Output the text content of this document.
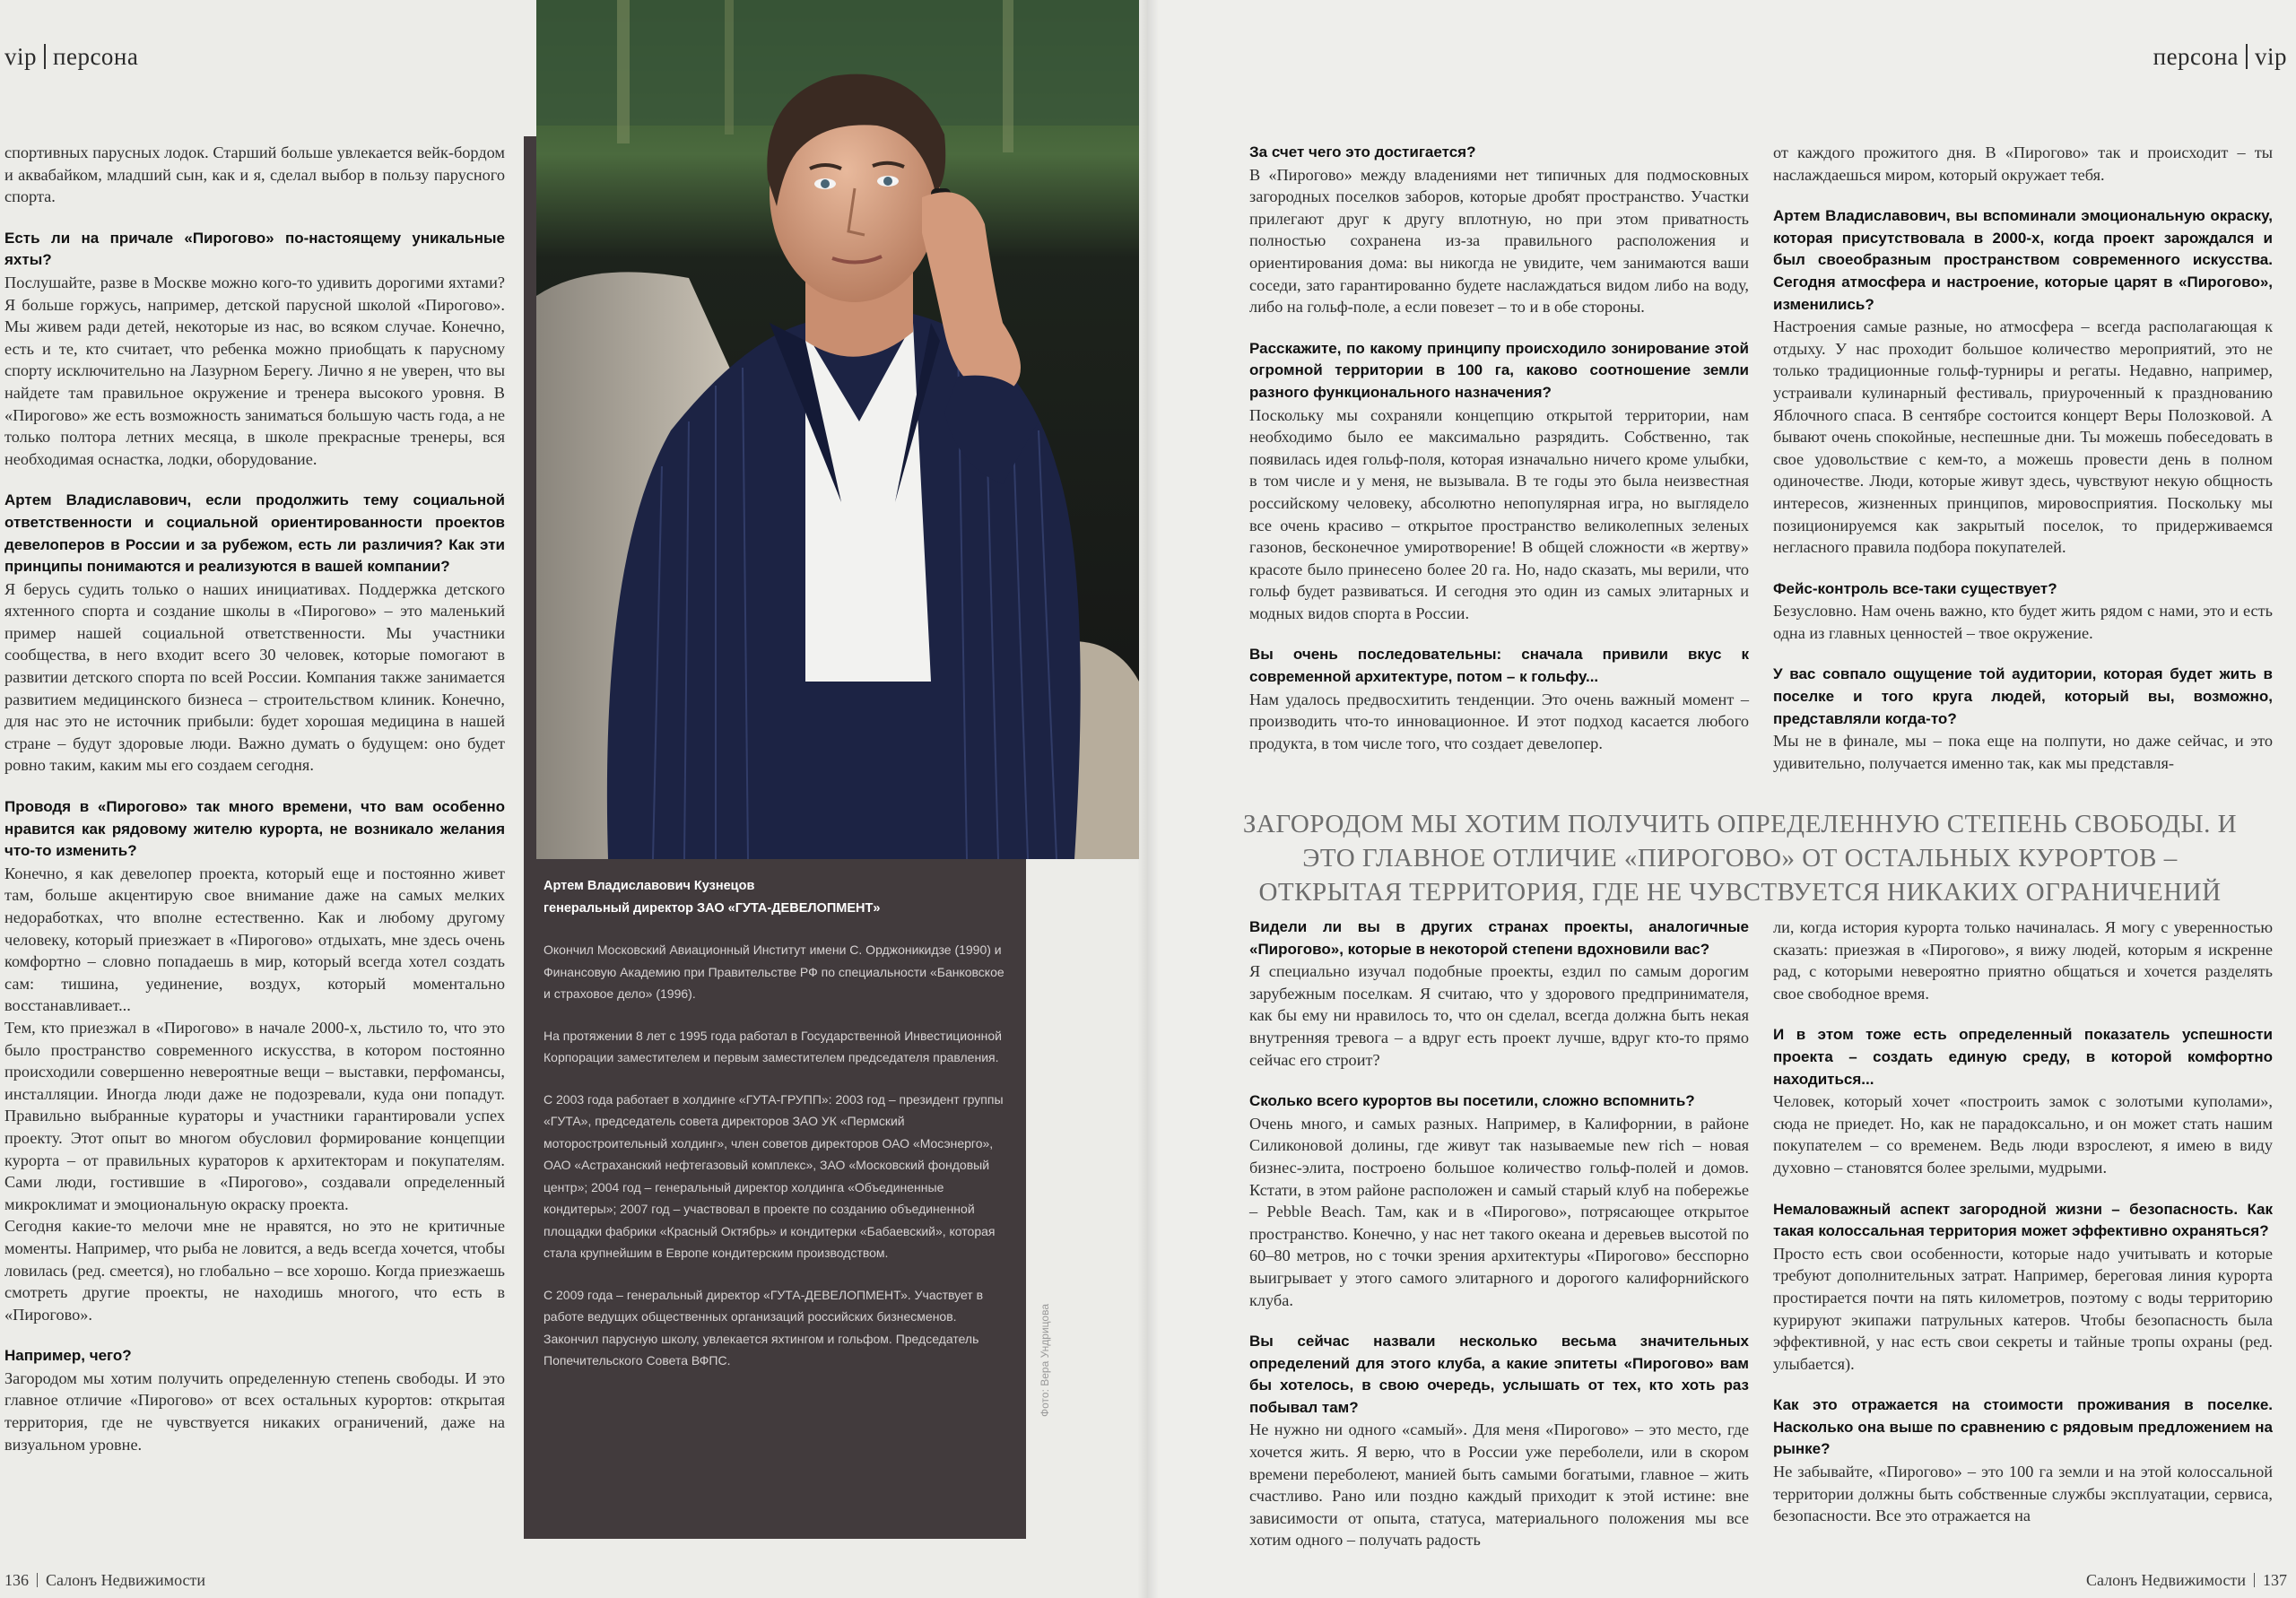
vip персона	персона vip

спортивных парусных лодок. Старший больше увлекается вейк-бордом и аквабайком, младший сын, как и я, сделал выбор в пользу парусного спорта.

Есть ли на причале «Пирогово» по-настоящему уникальные яхты?

Послушайте, разве в Москве можно кого-то удивить дорогими яхтами? Я больше горжусь, например, детской парусной школой «Пирогово». Мы живем ради детей, некоторые из нас, во всяком случае. Конечно, есть и те, кто считает, что ребенка можно приобщать к парусному спорту исключительно на Лазурном Берегу. Лично я не уверен, что вы найдете там правильное окружение и тренера высокого уровня. В «Пирогово» же есть возможность заниматься большую часть года, а не только полтора летних месяца, в школе прекрасные тренеры, вся необходимая оснастка, лодки, оборудование.

Артем Владиславович, если продолжить тему социальной ответственности и социальной ориентированности проектов девелоперов в России и за рубежом, есть ли различия? Как эти принципы понимаются и реализуются в вашей компании?

Я берусь судить только о наших инициативах. Поддержка детского яхтенного спорта и создание школы в «Пирогово» – это маленький пример нашей социальной ответственности. Мы участники сообщества, в него входит всего 30 человек, которые помогают в развитии детского спорта по всей России. Компания также занимается развитием медицинского бизнеса – строительством клиник. Конечно, для нас это не источник прибыли: будет хорошая медицина в нашей стране – будут здоровые люди. Важно думать о будущем: оно будет ровно таким, каким мы его создаем сегодня.

Проводя в «Пирогово» так много времени, что вам особенно нравится как рядовому жителю курорта, не возникало желания что-то изменить?

Конечно, я как девелопер проекта, который еще и постоянно живет там, больше акцентирую свое внимание даже на самых мелких недоработках, что вполне естественно. Как и любому другому человеку, который приезжает в «Пирогово» отдыхать, мне здесь очень комфортно – словно попадаешь в мир, который всегда хотел создать сам: тишина, уединение, воздух, который моментально восстанавливает...

Тем, кто приезжал в «Пирогово» в начале 2000-х, льстило то, что это было пространство современного искусства, в котором постоянно происходили совершенно невероятные вещи – выставки, перфомансы, инсталляции. Иногда люди даже не подозревали, куда они попадут. Правильно выбранные кураторы и участники гарантировали успех проекту. Этот опыт во многом обусловил формирование концепции курорта – от правильных кураторов к архитекторам и покупателям. Сами люди, гостившие в «Пирогово», создавали определенный микроклимат и эмоциональную окраску проекта.

Сегодня какие-то мелочи мне не нравятся, но это не критичные моменты. Например, что рыба не ловится, а ведь всегда хочется, чтобы ловилась (ред. смеется), но глобально – все хорошо. Когда приезжаешь смотреть другие проекты, не находишь многого, что есть в «Пирогово».

Например, чего?

Загородом мы хотим получить определенную степень свободы. И это главное отличие «Пирогово» от всех остальных курортов: открытая территория, где не чувствуется никаких ограничений, даже на визуальном уровне.

Фото: Вера Ундрицова
Артем Владиславович Кузнецов
генеральный директор ЗАО «ГУТА-ДЕВЕЛОПМЕНТ»
Окончил Московский Авиационный Институт имени С. Орджоникидзе (1990) и Финансовую Академию при Правительстве РФ по специальности «Банковское и страховое дело» (1996).
На протяжении 8 лет с 1995 года работал в Государственной Инвестиционной Корпорации заместителем и первым заместителем председателя правления.
С 2003 года работает в холдинге «ГУТА-ГРУПП»: 2003 год – президент группы «ГУТА», председатель совета директоров ЗАО УК «Пермский моторостроительный холдинг», член советов директоров ОАО «Мосэнерго», ОАО «Астраханский нефтегазовый комплекс», ЗАО «Московский фондовый центр»; 2004 год – генеральный директор холдинга «Объединенные кондитеры»; 2007 год – участвовал в проекте по созданию объединенной площадки фабрики «Красный Октябрь» и кондитерки «Бабаевский», которая стала крупнейшим в Европе кондитерским производством.
С 2009 года – генеральный директор «ГУТА-ДЕВЕЛОПМЕНТ». Участвует в работе ведущих общественных организаций российских бизнесменов. Закончил парусную школу, увлекается яхтингом и гольфом. Председатель Попечительского Совета ВФПС.

За счет чего это достигается?

В «Пирогово» между владениями нет типичных для подмосковных загородных поселков заборов, которые дробят пространство. Участки прилегают друг к другу вплотную, но при этом приватность полностью сохранена из-за правильного расположения и ориентирования дома: вы никогда не увидите, чем занимаются ваши соседи, зато гарантированно будете наслаждаться видом либо на воду, либо на гольф-поле, а если повезет – то и в обе стороны.

Расскажите, по какому принципу происходило зонирование этой огромной территории в 100 га, каково соотношение земли разного функционального назначения?

Поскольку мы сохраняли концепцию открытой территории, нам необходимо было ее максимально разрядить. Собственно, так появилась идея гольф-поля, которая изначально ничего кроме улыбки, в том числе и у меня, не вызывала. В те годы это была неизвестная российскому человеку, абсолютно непопулярная игра, но выглядело все очень красиво – открытое пространство великолепных зеленых газонов, бесконечное умиротворение! В общей сложности «в жертву» красоте было принесено более 20 га. Но, надо сказать, мы верили, что гольф будет развиваться. И сегодня это один из самых элитарных и модных видов спорта в России.

Вы очень последовательны: сначала привили вкус к современной архитектуре, потом – к гольфу...

Нам удалось предвосхитить тенденции. Это очень важный момент – производить что-то инновационное. И этот подход касается любого продукта, в том числе того, что создает девелопер.

от каждого прожитого дня. В «Пирогово» так и происходит – ты наслаждаешься миром, который окружает тебя.

Артем Владиславович, вы вспоминали эмоциональную окраску, которая присутствовала в 2000-х, когда проект зарождался и был своеобразным пространством современного искусства. Сегодня атмосфера и настроение, которые царят в «Пирогово», изменились?

Настроения самые разные, но атмосфера – всегда располагающая к отдыху. У нас проходит большое количество мероприятий, это не только традиционные гольф-турниры и регаты. Недавно, например, устраивали кулинарный фестиваль, приуроченный к празднованию Яблочного спаса. В сентябре состоится концерт Веры Полозковой. А бывают очень спокойные, неспешные дни. Ты можешь побеседовать в свое удовольствие с кем-то, а можешь провести день в полном одиночестве. Люди, которые живут здесь, чувствуют некую общность интересов, жизненных принципов, мировосприятия. Поскольку мы позиционируемся как закрытый поселок, то придерживаемся негласного правила подбора покупателей.

Фейс-контроль все-таки существует?

Безусловно. Нам очень важно, кто будет жить рядом с нами, это и есть одна из главных ценностей – твое окружение.

У вас совпало ощущение той аудитории, которая будет жить в поселке и того круга людей, который вы, возможно, представляли когда-то?

Мы не в финале, мы – пока еще на полпути, но даже сейчас, и это удивительно, получается именно так, как мы представля-

ЗАГОРОДОМ МЫ ХОТИМ ПОЛУЧИТЬ ОПРЕДЕЛЕННУЮ СТЕПЕНЬ СВОБОДЫ. И ЭТО ГЛАВНОЕ ОТЛИЧИЕ «ПИРОГОВО» ОТ ОСТАЛЬНЫХ КУРОРТОВ – ОТКРЫТАЯ ТЕРРИТОРИЯ, ГДЕ НЕ ЧУВСТВУЕТСЯ НИКАКИХ ОГРАНИЧЕНИЙ

Видели ли вы в других странах проекты, аналогичные «Пирогово», которые в некоторой степени вдохновили вас?

Я специально изучал подобные проекты, ездил по самым дорогим зарубежным поселкам. Я считаю, что у здорового предпринимателя, как бы ему ни нравилось то, что он сделал, всегда должна быть некая внутренняя тревога – а вдруг есть проект лучше, вдруг кто-то прямо сейчас его строит?

Сколько всего курортов вы посетили, сложно вспомнить?

Очень много, и самых разных. Например, в Калифорнии, в районе Силиконовой долины, где живут так называемые new rich – новая бизнес-элита, построено большое количество гольф-полей и домов. Кстати, в этом районе расположен и самый старый клуб на побережье – Pebble Beach. Там, как и в «Пирогово», потрясающее открытое пространство. Конечно, у нас нет такого океана и деревьев высотой по 60–80 метров, но с точки зрения архитектуры «Пирогово» бесспорно выигрывает у этого самого элитарного и дорогого калифорнийского клуба.

Вы сейчас назвали несколько весьма значительных определений для этого клуба, а какие эпитеты «Пирогово» вам бы хотелось, в свою очередь, услышать от тех, кто хоть раз побывал там?

Не нужно ни одного «самый». Для меня «Пирогово» – это место, где хочется жить. Я верю, что в России уже переболели, или в скором времени переболеют, манией быть самыми богатыми, главное – жить счастливо. Рано или поздно каждый приходит к этой истине: вне зависимости от опыта, статуса, материального положения мы все хотим одного – получать радость

ли, когда история курорта только начиналась. Я могу с уверенностью сказать: приезжая в «Пирогово», я вижу людей, которым я искренне рад, с которыми невероятно приятно общаться и хочется разделять свое свободное время.

И в этом тоже есть определенный показатель успешности проекта – создать единую среду, в которой комфортно находиться...

Человек, который хочет «построить замок с золотыми куполами», сюда не приедет. Но, как не парадоксально, и он может стать нашим покупателем – со временем. Ведь люди взрослеют, я имею в виду духовно – становятся более зрелыми, мудрыми.

Немаловажный аспект загородной жизни – безопасность. Как такая колоссальная территория может эффективно охраняться?

Просто есть свои особенности, которые надо учитывать и которые требуют дополнительных затрат. Например, береговая линия курорта простирается почти на пять километров, поэтому с воды территорию курируют экипажи патрульных катеров. Чтобы безопасность была эффективной, у нас есть свои секреты и тайные тропы охраны (ред. улыбается).

Как это отражается на стоимости проживания в поселке. Насколько она выше по сравнению с рядовым предложением на рынке?

Не забывайте, «Пирогово» – это 100 га земли и на этой колоссальной территории должны быть собственные службы эксплуатации, сервиса, безопасности. Все это отражается на

136 Салонъ Недвижимости	Салонъ Недвижимости 137
